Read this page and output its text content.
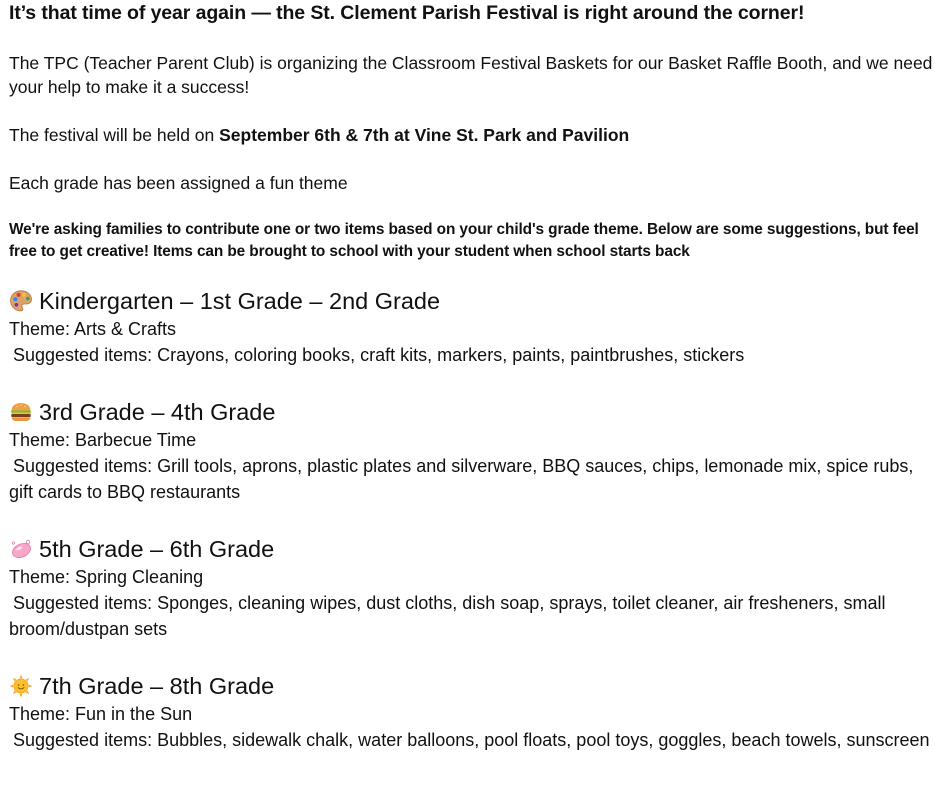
It’s that time of year again — the St. Clement Parish Festival is right around the corner!
The TPC (Teacher Parent Club) is organizing the Classroom Festival Baskets for our Basket Raffle Booth, and we need your help to make it a success!
The festival will be held on September 6th & 7th at Vine St. Park and Pavilion
Each grade has been assigned a fun theme
We're asking families to contribute one or two items based on your child's grade theme. Below are some suggestions, but feel free to get creative! Items can be brought to school with your student when school starts back
Kindergarten – 1st Grade – 2nd Grade
Theme: Arts & Crafts
Suggested items: Crayons, coloring books, craft kits, markers, paints, paintbrushes, stickers
3rd Grade – 4th Grade
Theme: Barbecue Time
Suggested items: Grill tools, aprons, plastic plates and silverware, BBQ sauces, chips, lemonade mix, spice rubs, gift cards to BBQ restaurants
5th Grade – 6th Grade
Theme: Spring Cleaning
Suggested items: Sponges, cleaning wipes, dust cloths, dish soap, sprays, toilet cleaner, air fresheners, small broom/dustpan sets
7th Grade – 8th Grade
Theme: Fun in the Sun
Suggested items: Bubbles, sidewalk chalk, water balloons, pool floats, pool toys, goggles, beach towels, sunscreen
